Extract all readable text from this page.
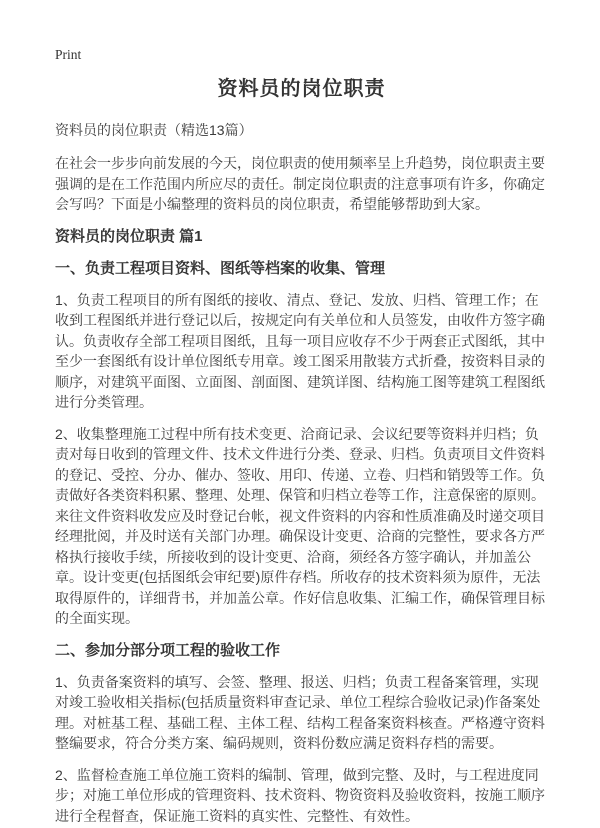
Print
资料员的岗位职责

资料员的岗位职责（精选13篇）

在社会一步步向前发展的今天，岗位职责的使用频率呈上升趋势，岗位职责主要强调的是在工作范围内所应尽的责任。制定岗位职责的注意事项有许多，你确定会写吗？下面是小编整理的资料员的岗位职责，希望能够帮助到大家。

资料员的岗位职责 篇1
一、负责工程项目资料、图纸等档案的收集、管理

1、负责工程项目的所有图纸的接收、清点、登记、发放、归档、管理工作；在收到工程图纸并进行登记以后，按规定向有关单位和人员签发，由收件方签字确认。负责收存全部工程项目图纸，且每一项目应收存不少于两套正式图纸，其中至少一套图纸有设计单位图纸专用章。竣工图采用散装方式折叠，按资料目录的顺序，对建筑平面图、立面图、剖面图、建筑详图、结构施工图等建筑工程图纸进行分类管理。

2、收集整理施工过程中所有技术变更、洽商记录、会议纪要等资料并归档；负责对每日收到的管理文件、技术文件进行分类、登录、归档。负责项目文件资料的登记、受控、分办、催办、签收、用印、传递、立卷、归档和销毁等工作。负责做好各类资料积累、整理、处理、保管和归档立卷等工作，注意保密的原则。来往文件资料收发应及时登记台帐，视文件资料的内容和性质准确及时递交项目经理批阅，并及时送有关部门办理。确保设计变更、洽商的完整性，要求各方严格执行接收手续，所接收到的设计变更、洽商，须经各方签字确认，并加盖公章。设计变更(包括图纸会审纪要)原件存档。所收存的技术资料须为原件，无法取得原件的，详细背书，并加盖公章。作好信息收集、汇编工作，确保管理目标的全面实现。

二、参加分部分项工程的验收工作

1、负责备案资料的填写、会签、整理、报送、归档；负责工程备案管理，实现对竣工验收相关指标(包括质量资料审查记录、单位工程综合验收记录)作备案处理。对桩基工程、基础工程、主体工程、结构工程备案资料核查。严格遵守资料整编要求，符合分类方案、编码规则，资料份数应满足资料存档的需要。

2、监督检查施工单位施工资料的编制、管理，做到完整、及时，与工程进度同步；对施工单位形成的管理资料、技术资料、物资资料及验收资料，按施工顺序进行全程督查，保证施工资料的真实性、完整性、有效性。
